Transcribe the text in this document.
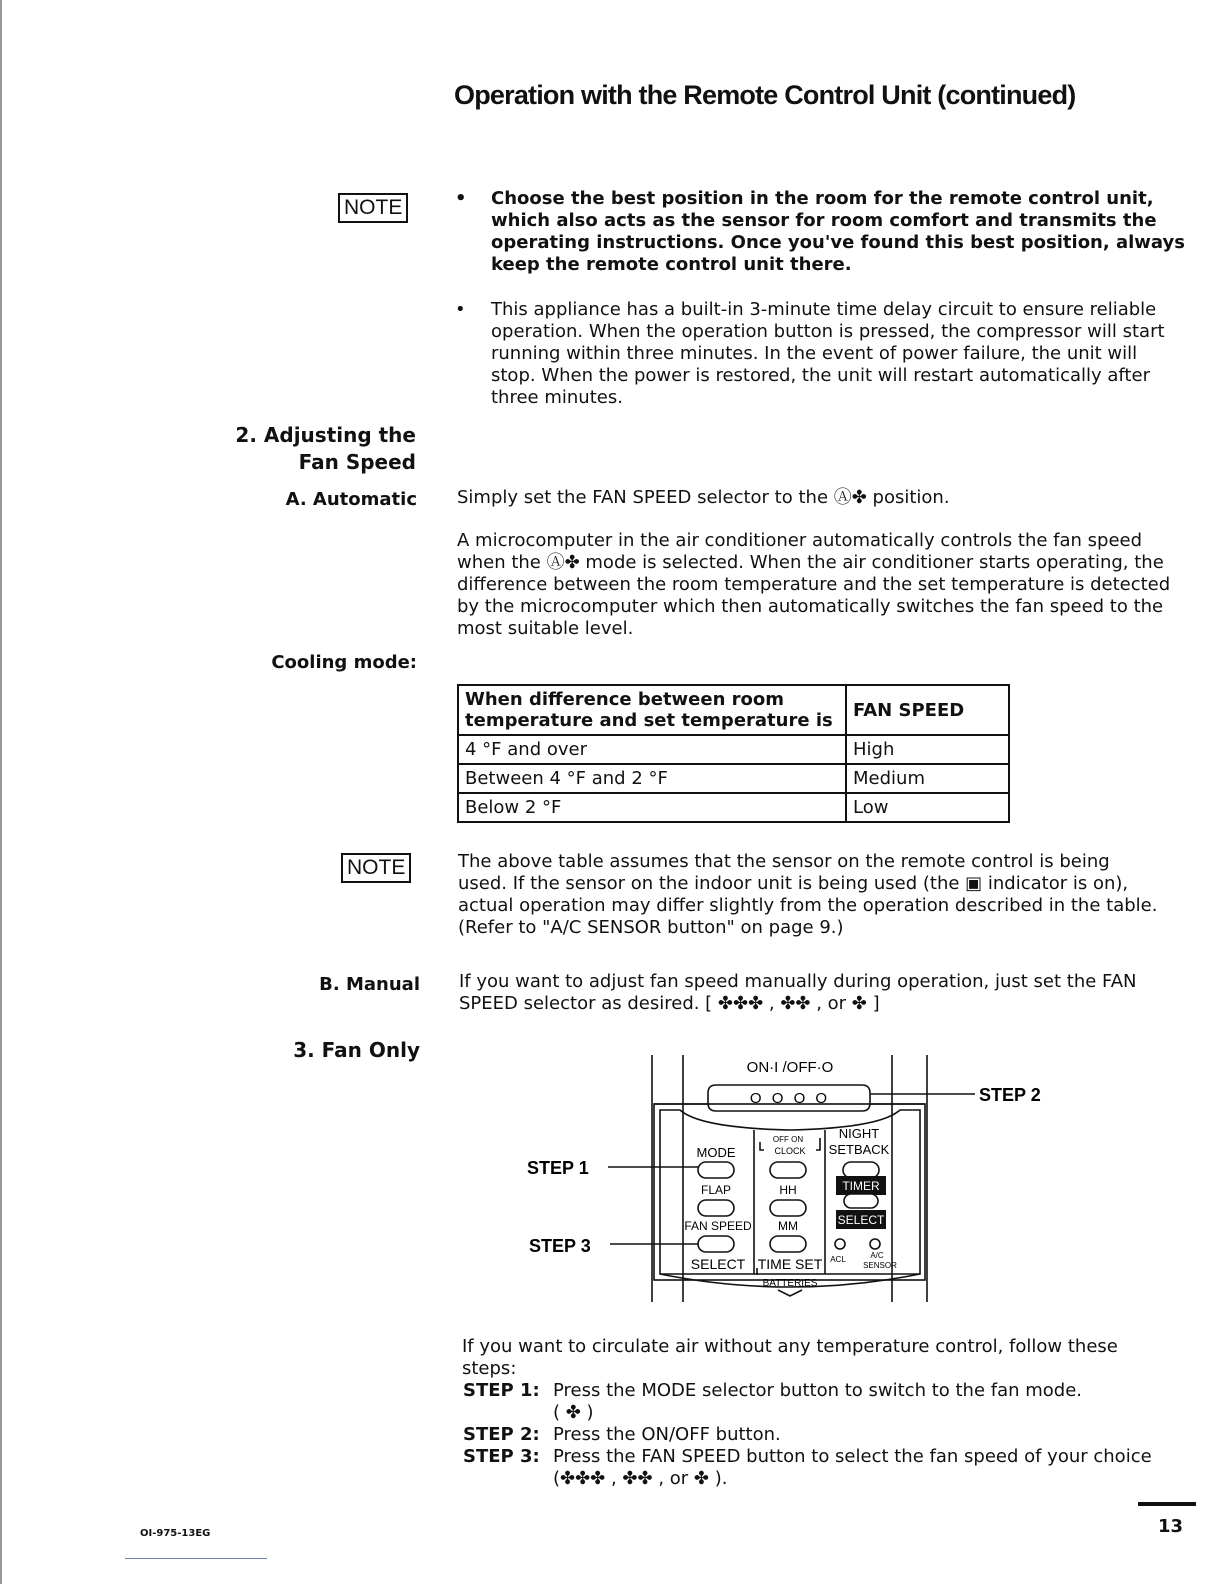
Operation with the Remote Control Unit (continued)
NOTE	• Choose the best position in the room for the remote control unit, which also acts as the sensor for room comfort and transmits the operating instructions. Once you've found this best position, always keep the remote control unit there.
• This appliance has a built-in 3-minute time delay circuit to ensure reliable operation. When the operation button is pressed, the compressor will start running within three minutes. In the event of power failure, the unit will stop. When the power is restored, the unit will restart automatically after three minutes.
2. Adjusting the
Fan Speed
A. Automatic Simply set the FAN SPEED selector to the Ⓐ✤ position.
A microcomputer in the air conditioner automatically controls the fan speed when the Ⓐ✤ mode is selected. When the air conditioner starts operating, the difference between the room temperature and the set temperature is detected by the microcomputer which then automatically switches the fan speed to the most suitable level.
Cooling mode:
When difference between room temperature and set temperature is	FAN SPEED
4 °F and over	High
Between 4 °F and 2 °F	Medium
Below 2 °F	Low
NOTE	The above table assumes that the sensor on the remote control is being used. If the sensor on the indoor unit is being used (the ▣ indicator is on), actual operation may differ slightly from the operation described in the table.
(Refer to "A/C SENSOR button" on page 9.)
B. Manual If you want to adjust fan speed manually during operation, just set the FAN SPEED selector as desired. [ ✤✤✤ , ✤✤ , or ✤ ]
3. Fan Only
ON·I /OFF·O
O O O O
MODE
FLAP
FAN SPEED
SELECT
OFF ON
CLOCK
HH
MM
TIME SET
NIGHT
SETBACK
TIMER
SELECT
ACL	A/C
SENSOR
BATTERIES
STEP 1
STEP 3
STEP 2
If you want to circulate air without any temperature control, follow these steps:
STEP 1: Press the MODE selector button to switch to the fan mode.
( ✤ )
STEP 2: Press the ON/OFF button.
STEP 3: Press the FAN SPEED button to select the fan speed of your choice
(✤✤✤ , ✤✤ , or ✤ ).
OI-975-13EG	13
